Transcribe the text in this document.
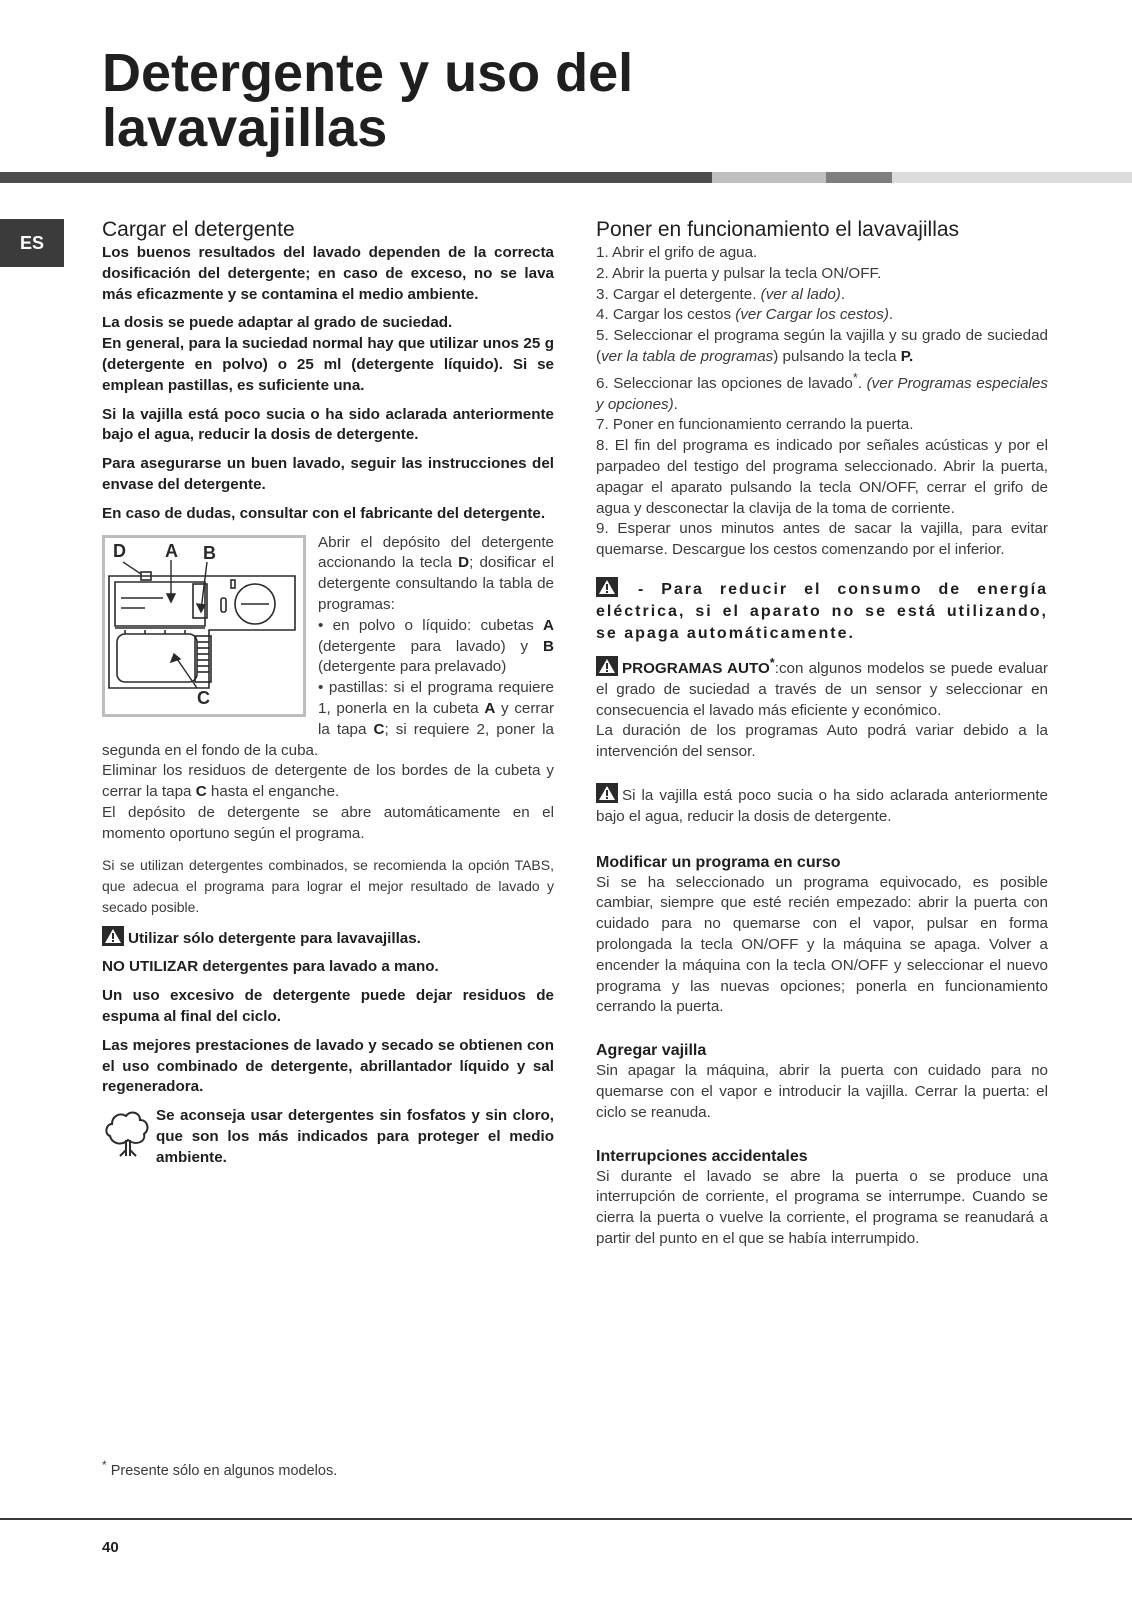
Detergente y uso del
lavavajillas
ES
Cargar el detergente

Los buenos resultados del lavado dependen de la correcta dosificación del detergente; en caso de exceso, no se lava más eficazmente y se contamina el medio ambiente.

La dosis se puede adaptar al grado de suciedad.

En general, para la suciedad normal hay que utilizar unos 25 g (detergente en polvo) o 25 ml (detergente líquido). Si se emplean pastillas, es suficiente una.

Si la vajilla está poco sucia o ha sido aclarada anteriormente bajo el agua, reducir la dosis de detergente.

Para asegurarse un buen lavado, seguir las instrucciones del envase del detergente.

En caso de dudas, consultar con el fabricante del detergente.

D A B
C

Abrir el depósito del detergente accionando la tecla D; dosificar el detergente consultando la tabla de programas:
• en polvo o líquido: cubetas A (detergente para lavado) y B (detergente para prelavado)
• pastillas: si el programa requiere 1, ponerla en la cubeta A y cerrar la tapa C; si requiere 2, poner la segunda en el fondo de la cuba.
Eliminar los residuos de detergente de los bordes de la cubeta y cerrar la tapa C hasta el enganche.
El depósito de detergente se abre automáticamente en el momento oportuno según el programa.

Si se utilizan detergentes combinados, se recomienda la opción TABS, que adecua el programa para lograr el mejor resultado de lavado y secado posible.

Utilizar sólo detergente para lavavajillas.

NO UTILIZAR detergentes para lavado a mano.

Un uso excesivo de detergente puede dejar residuos de espuma al final del ciclo.

Las mejores prestaciones de lavado y secado se obtienen con el uso combinado de detergente, abrillantador líquido y sal regeneradora.

Se aconseja usar detergentes sin fosfatos y sin cloro, que son los más indicados para proteger el medio ambiente.

Poner en funcionamiento el lavavajillas

1. Abrir el grifo de agua.

2. Abrir la puerta y pulsar la tecla ON/OFF.

3. Cargar el detergente. (ver al lado).

4. Cargar los cestos (ver Cargar los cestos).

5. Seleccionar el programa según la vajilla y su grado de suciedad (ver la tabla de programas) pulsando la tecla P.

6. Seleccionar las opciones de lavado*. (ver Programas especiales y opciones).

7. Poner en funcionamiento cerrando la puerta.

8. El fin del programa es indicado por señales acústicas y por el parpadeo del testigo del programa seleccionado. Abrir la puerta, apagar el aparato pulsando la tecla ON/OFF, cerrar el grifo de agua y desconectar la clavija de la toma de corriente.

9. Esperar unos minutos antes de sacar la vajilla, para evitar quemarse. Descargue los cestos comenzando por el inferior.

- Para reducir el consumo de energía eléctrica, si el aparato no se está utilizando, se apaga automáticamente.

PROGRAMAS AUTO*:con algunos modelos se puede evaluar el grado de suciedad a través de un sensor y seleccionar en consecuencia el lavado más eficiente y económico.

La duración de los programas Auto podrá variar debido a la intervención del sensor.

Si la vajilla está poco sucia o ha sido aclarada anteriormente bajo el agua, reducir la dosis de detergente.

Modificar un programa en curso

Si se ha seleccionado un programa equivocado, es posible cambiar, siempre que esté recién empezado: abrir la puerta con cuidado para no quemarse con el vapor, pulsar en forma prolongada la tecla ON/OFF y la máquina se apaga. Volver a encender la máquina con la tecla ON/OFF y seleccionar el nuevo programa y las nuevas opciones; ponerla en funcionamiento cerrando la puerta.

Agregar vajilla

Sin apagar la máquina, abrir la puerta con cuidado para no quemarse con el vapor e introducir la vajilla. Cerrar la puerta: el ciclo se reanuda.

Interrupciones accidentales

Si durante el lavado se abre la puerta o se produce una interrupción de corriente, el programa se interrumpe. Cuando se cierra la puerta o vuelve la corriente, el programa se reanudará a partir del punto en el que se había interrumpido.

* Presente sólo en algunos modelos.
40
